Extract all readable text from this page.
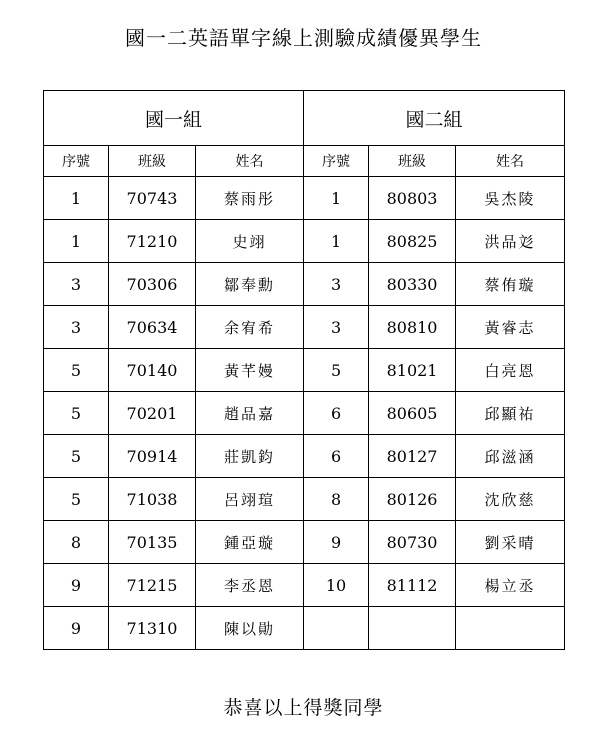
國一二英語單字線上測驗成績優異學生
國一組			國二組		
序號	班級	姓名	序號	班級	姓名
1	70743	蔡雨彤	1	80803	吳杰陵
1	71210	史翊	1	80825	洪品彣
3	70306	鄒奉勳	3	80330	蔡侑璇
3	70634	余宥希	3	80810	黃睿志
5	70140	黃芊嫚	5	81021	白亮恩
5	70201	趙品嘉	6	80605	邱顯祐
5	70914	莊凱鈞	6	80127	邱滋涵
5	71038	呂翊瑄	8	80126	沈欣慈
8	70135	鍾亞璇	9	80730	劉采晴
9	71215	李丞恩	10	81112	楊立丞
9	71310	陳以勛			
恭喜以上得獎同學
